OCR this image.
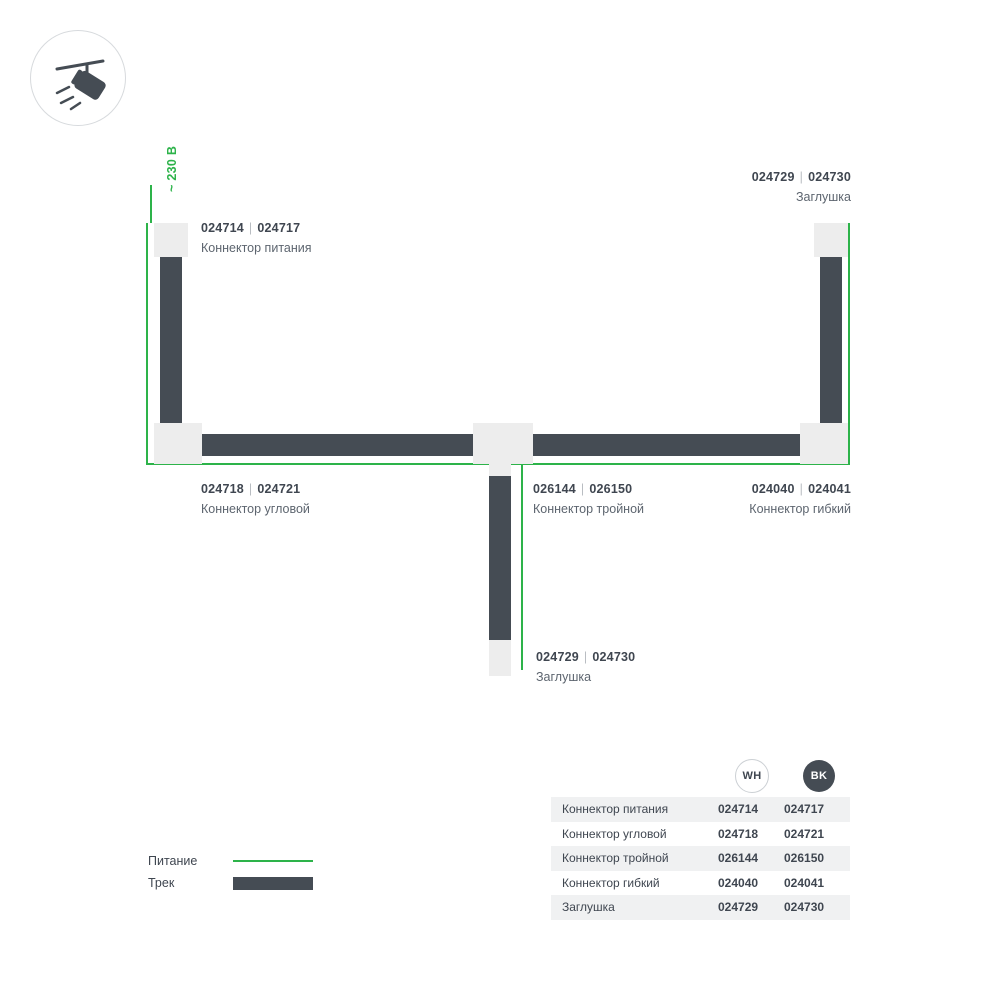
~ 230 В
024714 | 024717
Коннектор питания
024729 | 024730
Заглушка
024718 | 024721
Коннектор угловой
026144 | 026150
Коннектор тройной
024040 | 024041
Коннектор гибкий
024729 | 024730
Заглушка
Питание
Трек
WH	BK
Коннектор питания	024714	024717
Коннектор угловой	024718	024721
Коннектор тройной	026144	026150
Коннектор гибкий	024040	024041
Заглушка	024729	024730
